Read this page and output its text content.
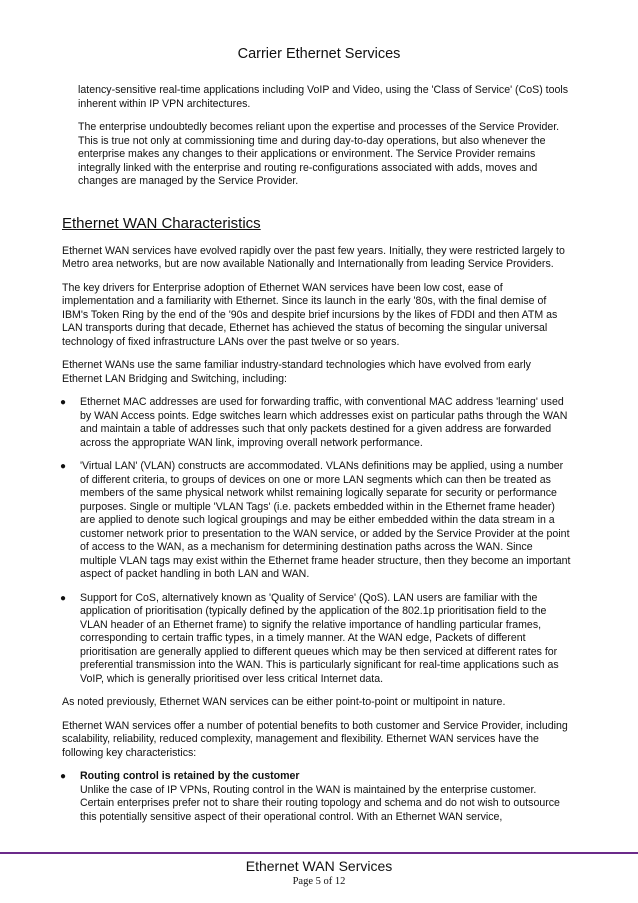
Carrier Ethernet Services

latency-sensitive real-time applications including VoIP and Video, using the 'Class of Service' (CoS) tools inherent within IP VPN architectures.

The enterprise undoubtedly becomes reliant upon the expertise and processes of the Service Provider. This is true not only at commissioning time and during day-to-day operations, but also whenever the enterprise makes any changes to their applications or environment. The Service Provider remains integrally linked with the enterprise and routing re-configurations associated with adds, moves and changes are managed by the Service Provider.

Ethernet WAN Characteristics

Ethernet WAN services have evolved rapidly over the past few years. Initially, they were restricted largely to Metro area networks, but are now available Nationally and Internationally from leading Service Providers.

The key drivers for Enterprise adoption of Ethernet WAN services have been low cost, ease of implementation and a familiarity with Ethernet. Since its launch in the early '80s, with the final demise of IBM's Token Ring by the end of the '90s and despite brief incursions by the likes of FDDI and then ATM as LAN transports during that decade, Ethernet has achieved the status of becoming the singular universal technology of fixed infrastructure LANs over the past twelve or so years.

Ethernet WANs use the same familiar industry-standard technologies which have evolved from early Ethernet LAN Bridging and Switching, including:

● Ethernet MAC addresses are used for forwarding traffic, with conventional MAC address 'learning' used by WAN Access points. Edge switches learn which addresses exist on particular paths through the WAN and maintain a table of addresses such that only packets destined for a given address are forwarded across the appropriate WAN link, improving overall network performance.
● 'Virtual LAN' (VLAN) constructs are accommodated. VLANs definitions may be applied, using a number of different criteria, to groups of devices on one or more LAN segments which can then be treated as members of the same physical network whilst remaining logically separate for security or performance purposes. Single or multiple 'VLAN Tags' (i.e. packets embedded within in the Ethernet frame header) are applied to denote such logical groupings and may be either embedded within the data stream in a customer network prior to presentation to the WAN service, or added by the Service Provider at the point of access to the WAN, as a mechanism for determining destination paths across the WAN. Since multiple VLAN tags may exist within the Ethernet frame header structure, then they become an important aspect of packet handling in both LAN and WAN.
● Support for CoS, alternatively known as 'Quality of Service' (QoS). LAN users are familiar with the application of prioritisation (typically defined by the application of the 802.1p prioritisation field to the VLAN header of an Ethernet frame) to signify the relative importance of handling particular frames, corresponding to certain traffic types, in a timely manner. At the WAN edge, Packets of different prioritisation are generally applied to different queues which may be then serviced at different rates for preferential transmission into the WAN. This is particularly significant for real-time applications such as VoIP, which is generally prioritised over less critical Internet data.

As noted previously, Ethernet WAN services can be either point-to-point or multipoint in nature.

Ethernet WAN services offer a number of potential benefits to both customer and Service Provider, including scalability, reliability, reduced complexity, management and flexibility. Ethernet WAN services have the following key characteristics:

● Routing control is retained by the customer
Unlike the case of IP VPNs, Routing control in the WAN is maintained by the enterprise customer. Certain enterprises prefer not to share their routing topology and schema and do not wish to outsource this potentially sensitive aspect of their operational control. With an Ethernet WAN service,
Ethernet WAN Services
Page 5 of 12
